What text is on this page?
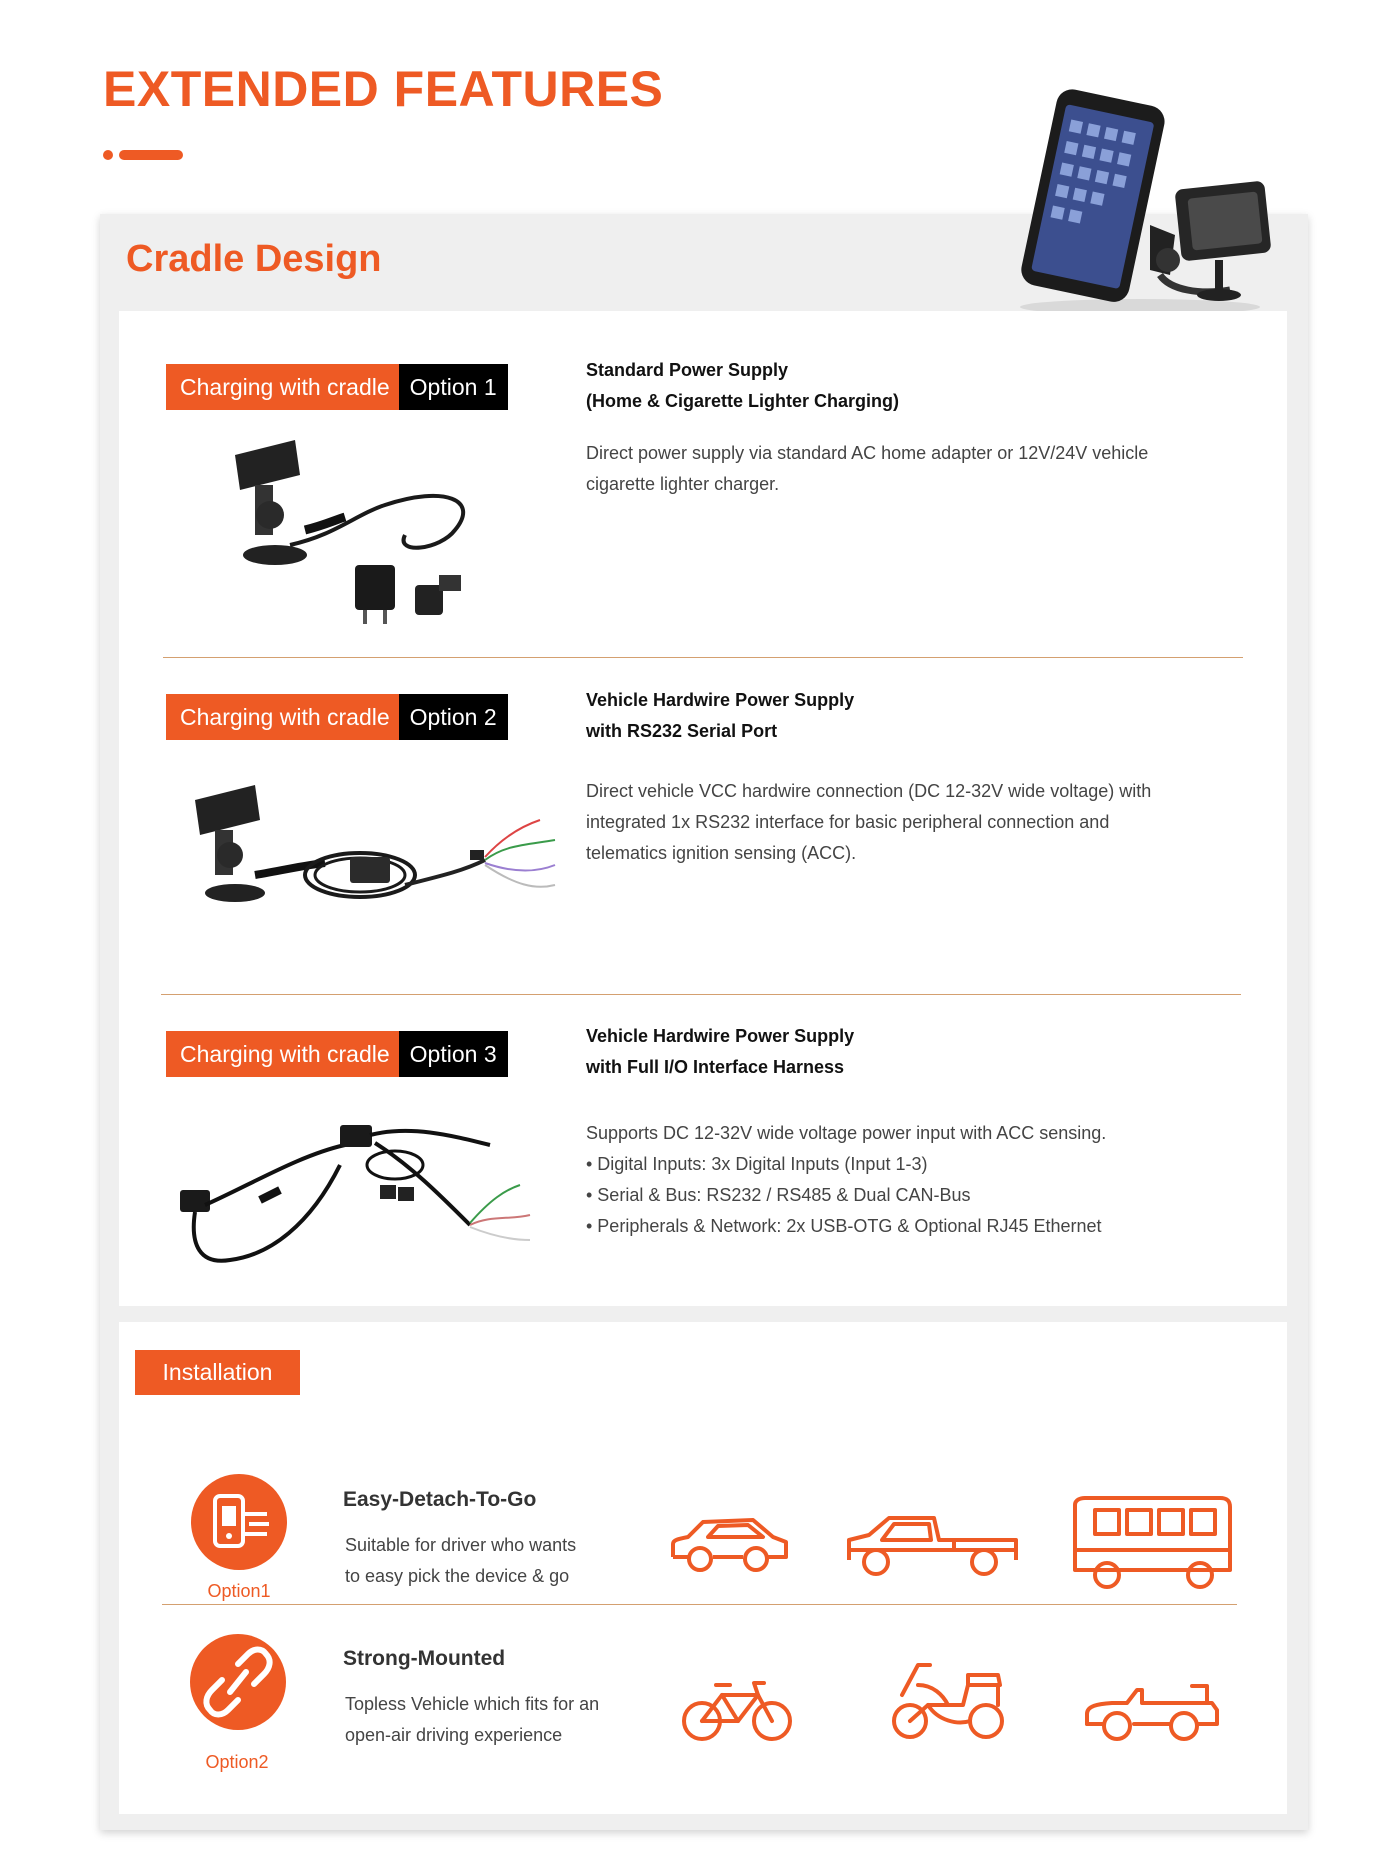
EXTENDED FEATURES
Cradle Design
Charging with cradle Option 1
Standard Power Supply
(Home & Cigarette Lighter Charging)
Direct power supply via standard AC home adapter or 12V/24V vehicle
cigarette lighter charger.
Charging with cradle Option 2
Vehicle Hardwire Power Supply
with RS232 Serial Port
Direct vehicle VCC hardwire connection (DC 12-32V wide voltage) with
integrated 1x RS232 interface for basic peripheral connection and
telematics ignition sensing (ACC).
Charging with cradle Option 3
Vehicle Hardwire Power Supply
with Full I/O Interface Harness
Supports DC 12-32V wide voltage power input with ACC sensing.
• Digital Inputs: 3x Digital Inputs (Input 1-3)
• Serial & Bus: RS232 / RS485 & Dual CAN-Bus
• Peripherals & Network: 2x USB-OTG & Optional RJ45 Ethernet
Installation
Option1
Easy-Detach-To-Go
Suitable for driver who wants
to easy pick the device & go
Option2
Strong-Mounted
Topless Vehicle which fits for an
open-air driving experience
